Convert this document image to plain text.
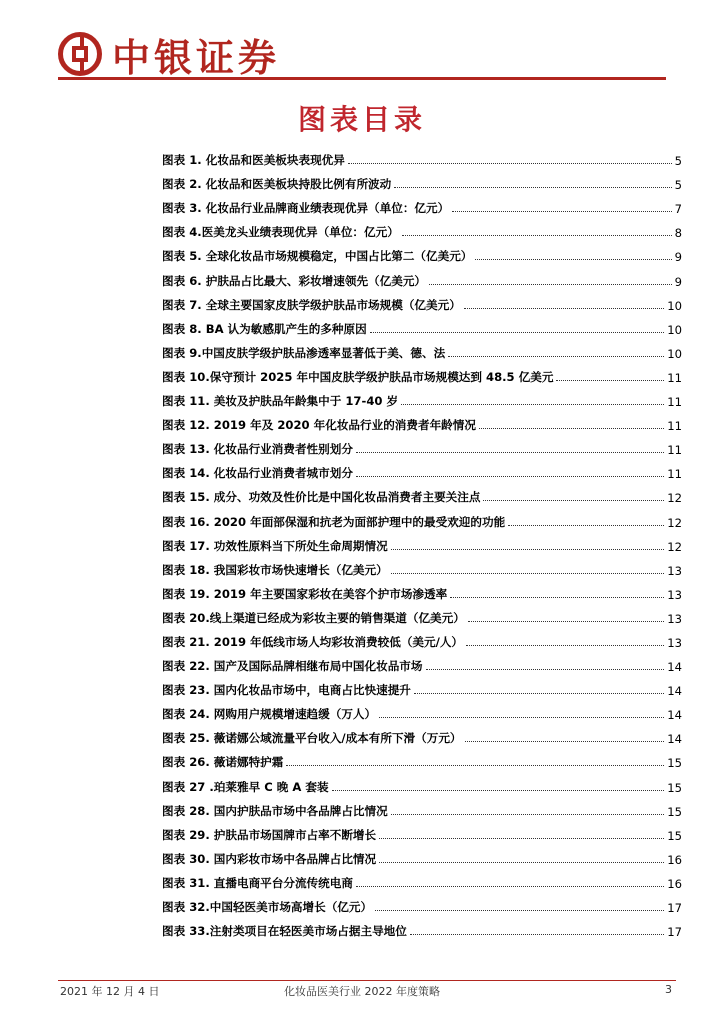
中银证券
图表目录
图表 1. 化妆品和医美板块表现优异	5
图表 2. 化妆品和医美板块持股比例有所波动	5
图表 3. 化妆品行业品牌商业绩表现优异（单位：亿元）	7
图表 4.医美龙头业绩表现优异（单位：亿元）	8
图表 5. 全球化妆品市场规模稳定，中国占比第二（亿美元）	9
图表 6. 护肤品占比最大、彩妆增速领先（亿美元）	9
图表 7. 全球主要国家皮肤学级护肤品市场规模（亿美元）	10
图表 8. BA 认为敏感肌产生的多种原因	10
图表 9.中国皮肤学级护肤品渗透率显著低于美、德、法	10
图表 10.保守预计 2025 年中国皮肤学级护肤品市场规模达到 48.5 亿美元	11
图表 11. 美妆及护肤品年龄集中于 17-40 岁	11
图表 12. 2019 年及 2020 年化妆品行业的消费者年龄情况	11
图表 13. 化妆品行业消费者性别划分	11
图表 14. 化妆品行业消费者城市划分	11
图表 15. 成分、功效及性价比是中国化妆品消费者主要关注点	12
图表 16. 2020 年面部保湿和抗老为面部护理中的最受欢迎的功能	12
图表 17. 功效性原料当下所处生命周期情况	12
图表 18. 我国彩妆市场快速增长（亿美元）	13
图表 19. 2019 年主要国家彩妆在美容个护市场渗透率	13
图表 20.线上渠道已经成为彩妆主要的销售渠道（亿美元）	13
图表 21. 2019 年低线市场人均彩妆消费较低（美元/人）	13
图表 22. 国产及国际品牌相继布局中国化妆品市场	14
图表 23. 国内化妆品市场中，电商占比快速提升	14
图表 24. 网购用户规模增速趋缓（万人）	14
图表 25. 薇诺娜公域流量平台收入/成本有所下滑（万元）	14
图表 26. 薇诺娜特护霜	15
图表 27 .珀莱雅早 C 晚 A 套装	15
图表 28. 国内护肤品市场中各品牌占比情况	15
图表 29. 护肤品市场国牌市占率不断增长	15
图表 30. 国内彩妆市场中各品牌占比情况	16
图表 31. 直播电商平台分流传统电商	16
图表 32.中国轻医美市场高增长（亿元）	17
图表 33.注射类项目在轻医美市场占据主导地位	17
2021 年 12 月 4 日	化妆品医美行业 2022 年度策略	3
